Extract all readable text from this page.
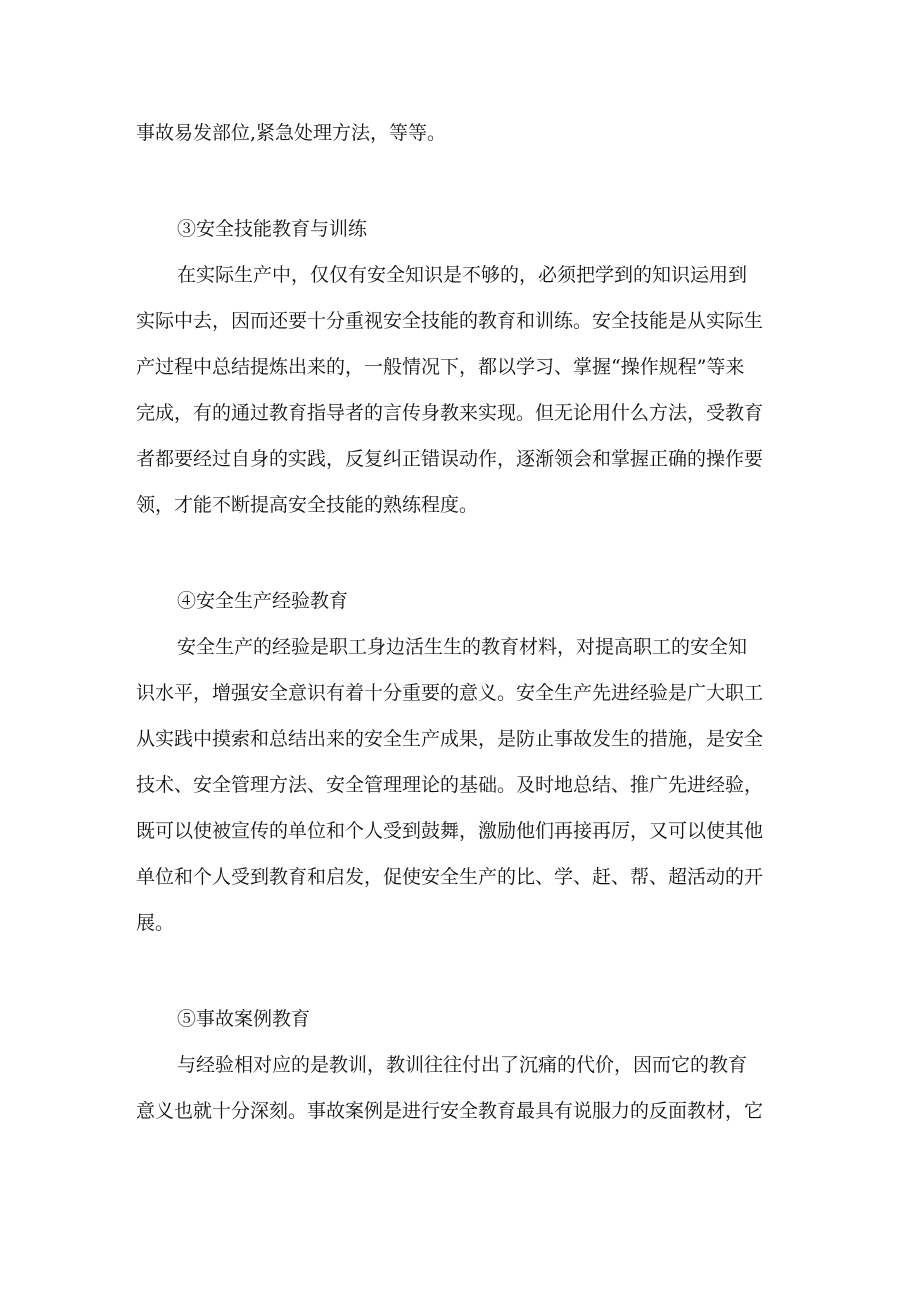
事故易发部位,紧急处理方法，等等。
③安全技能教育与训练
在实际生产中，仅仅有安全知识是不够的，必须把学到的知识运用到
实际中去，因而还要十分重视安全技能的教育和训练。安全技能是从实际生
产过程中总结提炼出来的，一般情况下，都以学习、掌握“操作规程”等来
完成，有的通过教育指导者的言传身教来实现。但无论用什么方法，受教育
者都要经过自身的实践，反复纠正错误动作，逐渐领会和掌握正确的操作要
领，才能不断提高安全技能的熟练程度。
④安全生产经验教育
安全生产的经验是职工身边活生生的教育材料，对提高职工的安全知
识水平，增强安全意识有着十分重要的意义。安全生产先进经验是广大职工
从实践中摸索和总结出来的安全生产成果，是防止事故发生的措施，是安全
技术、安全管理方法、安全管理理论的基础。及时地总结、推广先进经验，
既可以使被宣传的单位和个人受到鼓舞，激励他们再接再厉，又可以使其他
单位和个人受到教育和启发，促使安全生产的比、学、赶、帮、超活动的开
展。
⑤事故案例教育
与经验相对应的是教训，教训往往付出了沉痛的代价，因而它的教育
意义也就十分深刻。事故案例是进行安全教育最具有说服力的反面教材，它
